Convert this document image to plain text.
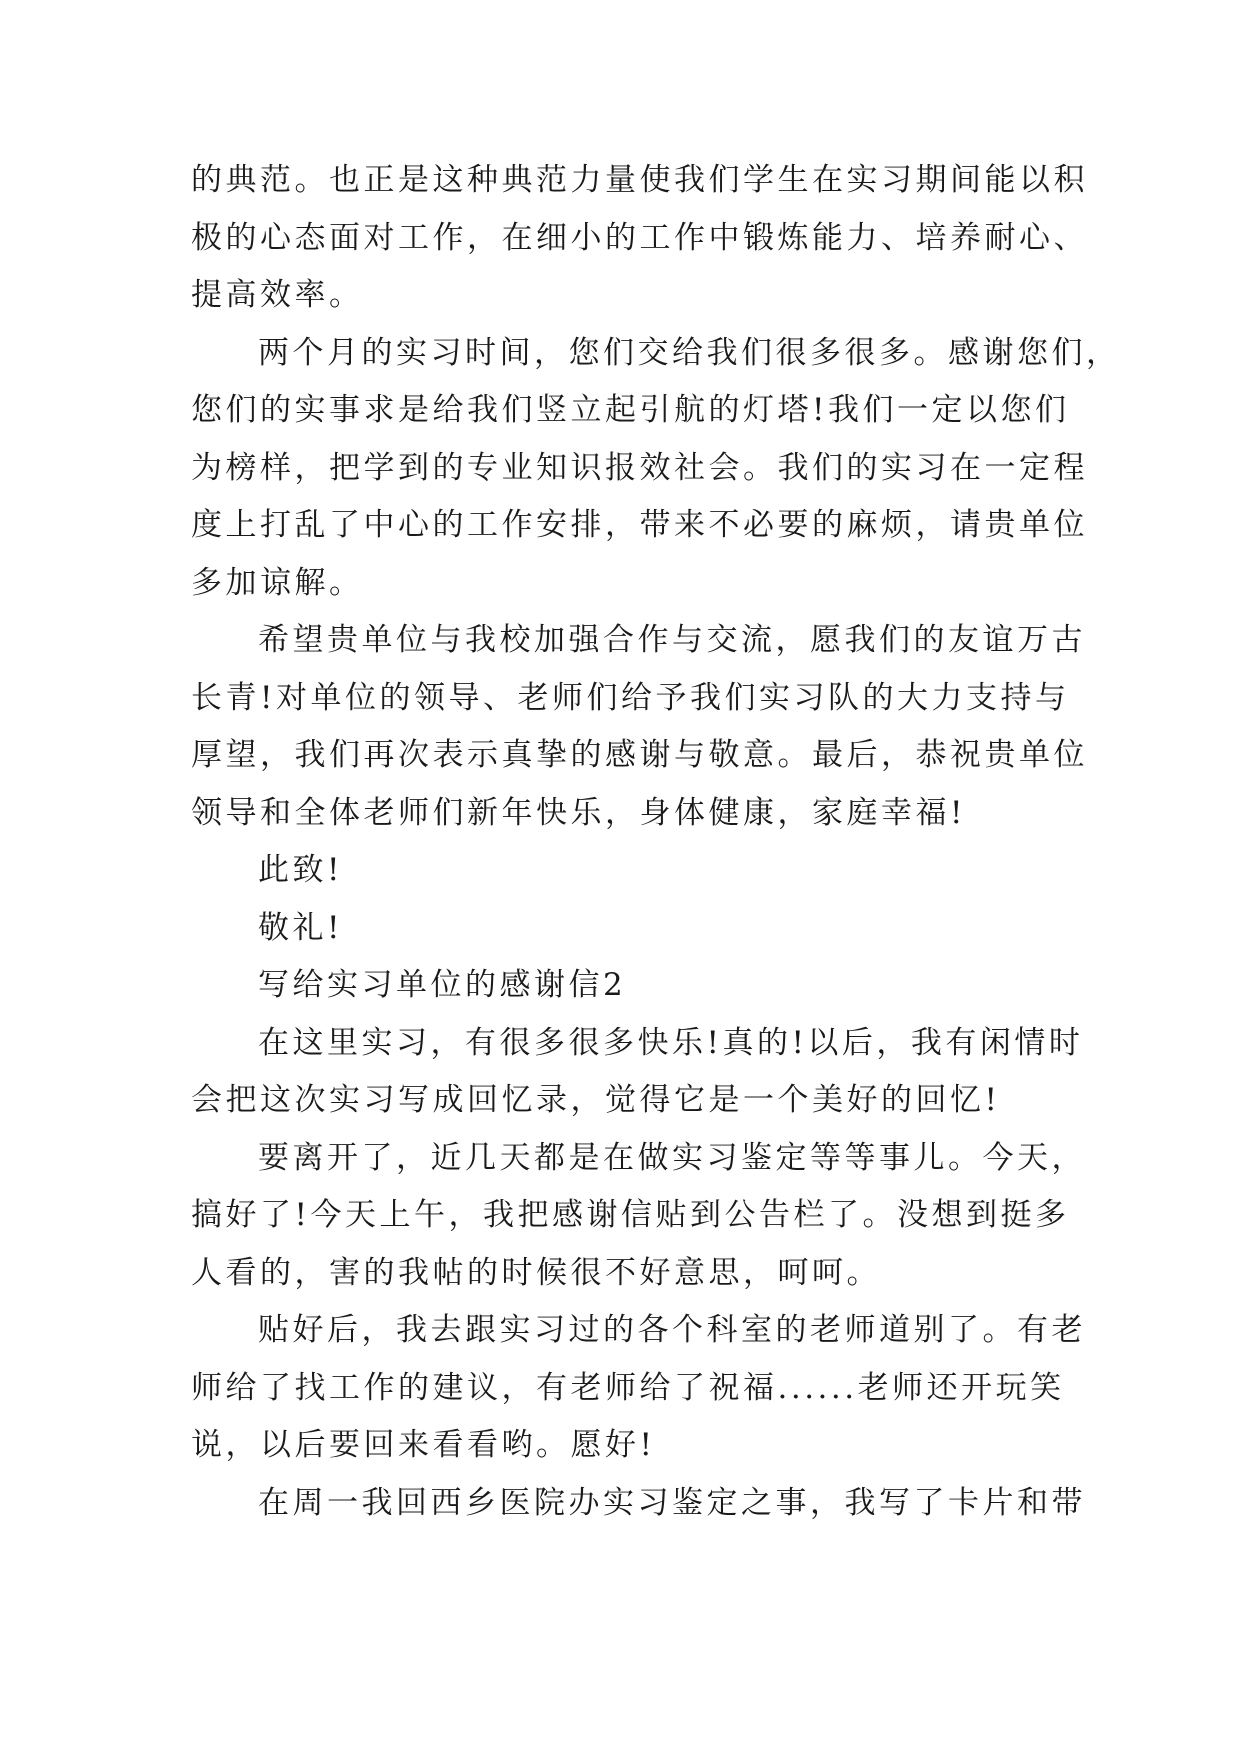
的典范。也正是这种典范力量使我们学生在实习期间能以积
极的心态面对工作，在细小的工作中锻炼能力、培养耐心、
提高效率。

两个月的实习时间，您们交给我们很多很多。感谢您们，
您们的实事求是给我们竖立起引航的灯塔!我们一定以您们
为榜样，把学到的专业知识报效社会。我们的实习在一定程
度上打乱了中心的工作安排，带来不必要的麻烦，请贵单位
多加谅解。

希望贵单位与我校加强合作与交流，愿我们的友谊万古
长青!对单位的领导、老师们给予我们实习队的大力支持与
厚望，我们再次表示真挚的感谢与敬意。最后，恭祝贵单位
领导和全体老师们新年快乐，身体健康，家庭幸福!

此致!

敬礼!

写给实习单位的感谢信2

在这里实习，有很多很多快乐!真的!以后，我有闲情时
会把这次实习写成回忆录，觉得它是一个美好的回忆!

要离开了，近几天都是在做实习鉴定等等事儿。今天，
搞好了!今天上午，我把感谢信贴到公告栏了。没想到挺多
人看的，害的我帖的时候很不好意思，呵呵。

贴好后，我去跟实习过的各个科室的老师道别了。有老
师给了找工作的建议，有老师给了祝福......老师还开玩笑
说，以后要回来看看哟。愿好!

在周一我回西乡医院办实习鉴定之事，我写了卡片和带
